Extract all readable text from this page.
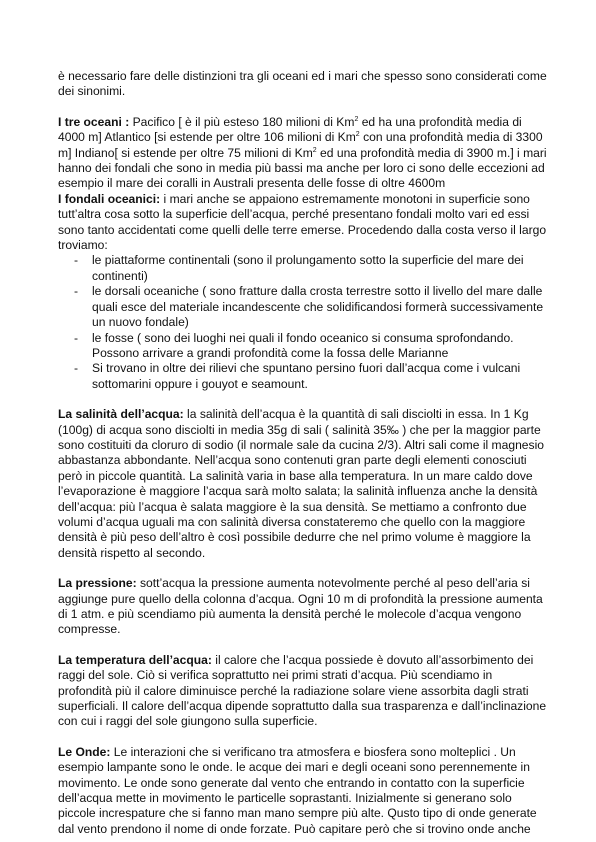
è necessario fare delle distinzioni tra gli oceani ed i mari che spesso sono considerati come dei sinonimi.

I tre oceani : Pacifico [ è il più esteso 180 milioni di Km$^2$ ed ha una profondità media di 4000 m] Atlantico [si estende per oltre 106 milioni di Km$^2$ con una profondità media di 3300 m] Indiano[ si estende per oltre 75 milioni di Km$^2$ ed una profondità media di 3900 m.] i mari hanno dei fondali che sono in media più bassi ma anche per loro ci sono delle eccezioni ad esempio il mare dei coralli in Australi presenta delle fosse di oltre 4600m

I fondali oceanici: i mari anche se appaiono estremamente monotoni in superficie sono tutt’altra cosa sotto la superficie dell’acqua, perché presentano fondali molto vari ed essi sono tanto accidentati come quelli delle terre emerse. Procedendo dalla costa verso il largo troviamo:

- le piattaforme continentali (sono il prolungamento sotto la superficie del mare dei continenti)
- le dorsali oceaniche ( sono fratture dalla crosta terrestre sotto il livello del mare dalle quali esce del materiale incandescente che solidificandosi formerà successivamente un nuovo fondale)
- le fosse ( sono dei luoghi nei quali il fondo oceanico si consuma sprofondando. Possono arrivare a grandi profondità come la fossa delle Marianne
- Si trovano in oltre dei rilievi che spuntano persino fuori dall’acqua come i vulcani sottomarini oppure i gouyot e seamount.

La salinità dell’acqua: la salinità dell’acqua è la quantità di sali disciolti in essa. In 1 Kg (100g) di acqua sono disciolti in media 35g di sali ( salinità 35‰ ) che per la maggior parte sono costituiti da cloruro di sodio (il normale sale da cucina 2/3). Altri sali come il magnesio abbastanza abbondante. Nell’acqua sono contenuti gran parte degli elementi conosciuti però in piccole quantità. La salinità varia in base alla temperatura. In un mare caldo dove l’evaporazione è maggiore l’acqua sarà molto salata; la salinità influenza anche la densità dell’acqua: più l’acqua è salata maggiore è la sua densità. Se mettiamo a confronto due volumi d’acqua uguali ma con salinità diversa constateremo che quello con la maggiore densità è più peso dell’altro è così possibile dedurre che nel primo volume è maggiore la densità rispetto al secondo.

La pressione: sott’acqua la pressione aumenta notevolmente perché al peso dell’aria si aggiunge pure quello della colonna d’acqua. Ogni 10 m di profondità la pressione aumenta di 1 atm. e più scendiamo più aumenta la densità perché le molecole d’acqua vengono compresse.

La temperatura dell’acqua: il calore che l’acqua possiede è dovuto all’assorbimento dei raggi del sole. Ciò si verifica soprattutto nei primi strati d’acqua. Più scendiamo in profondità più il calore diminuisce perché la radiazione solare viene assorbita dagli strati superficiali. Il calore dell’acqua dipende soprattutto dalla sua trasparenza e dall’inclinazione con cui i raggi del sole giungono sulla superficie.

Le Onde: Le interazioni che si verificano tra atmosfera e biosfera sono molteplici . Un esempio lampante sono le onde. le acque dei mari e degli oceani sono perennemente in movimento. Le onde sono generate dal vento che entrando in contatto con la superficie dell’acqua mette in movimento le particelle soprastanti. Inizialmente si generano solo piccole increspature che si fanno man mano sempre più alte. Qusto tipo di onde generate dal vento prendono il nome di onde forzate. Può capitare però che si trovino onde anche
